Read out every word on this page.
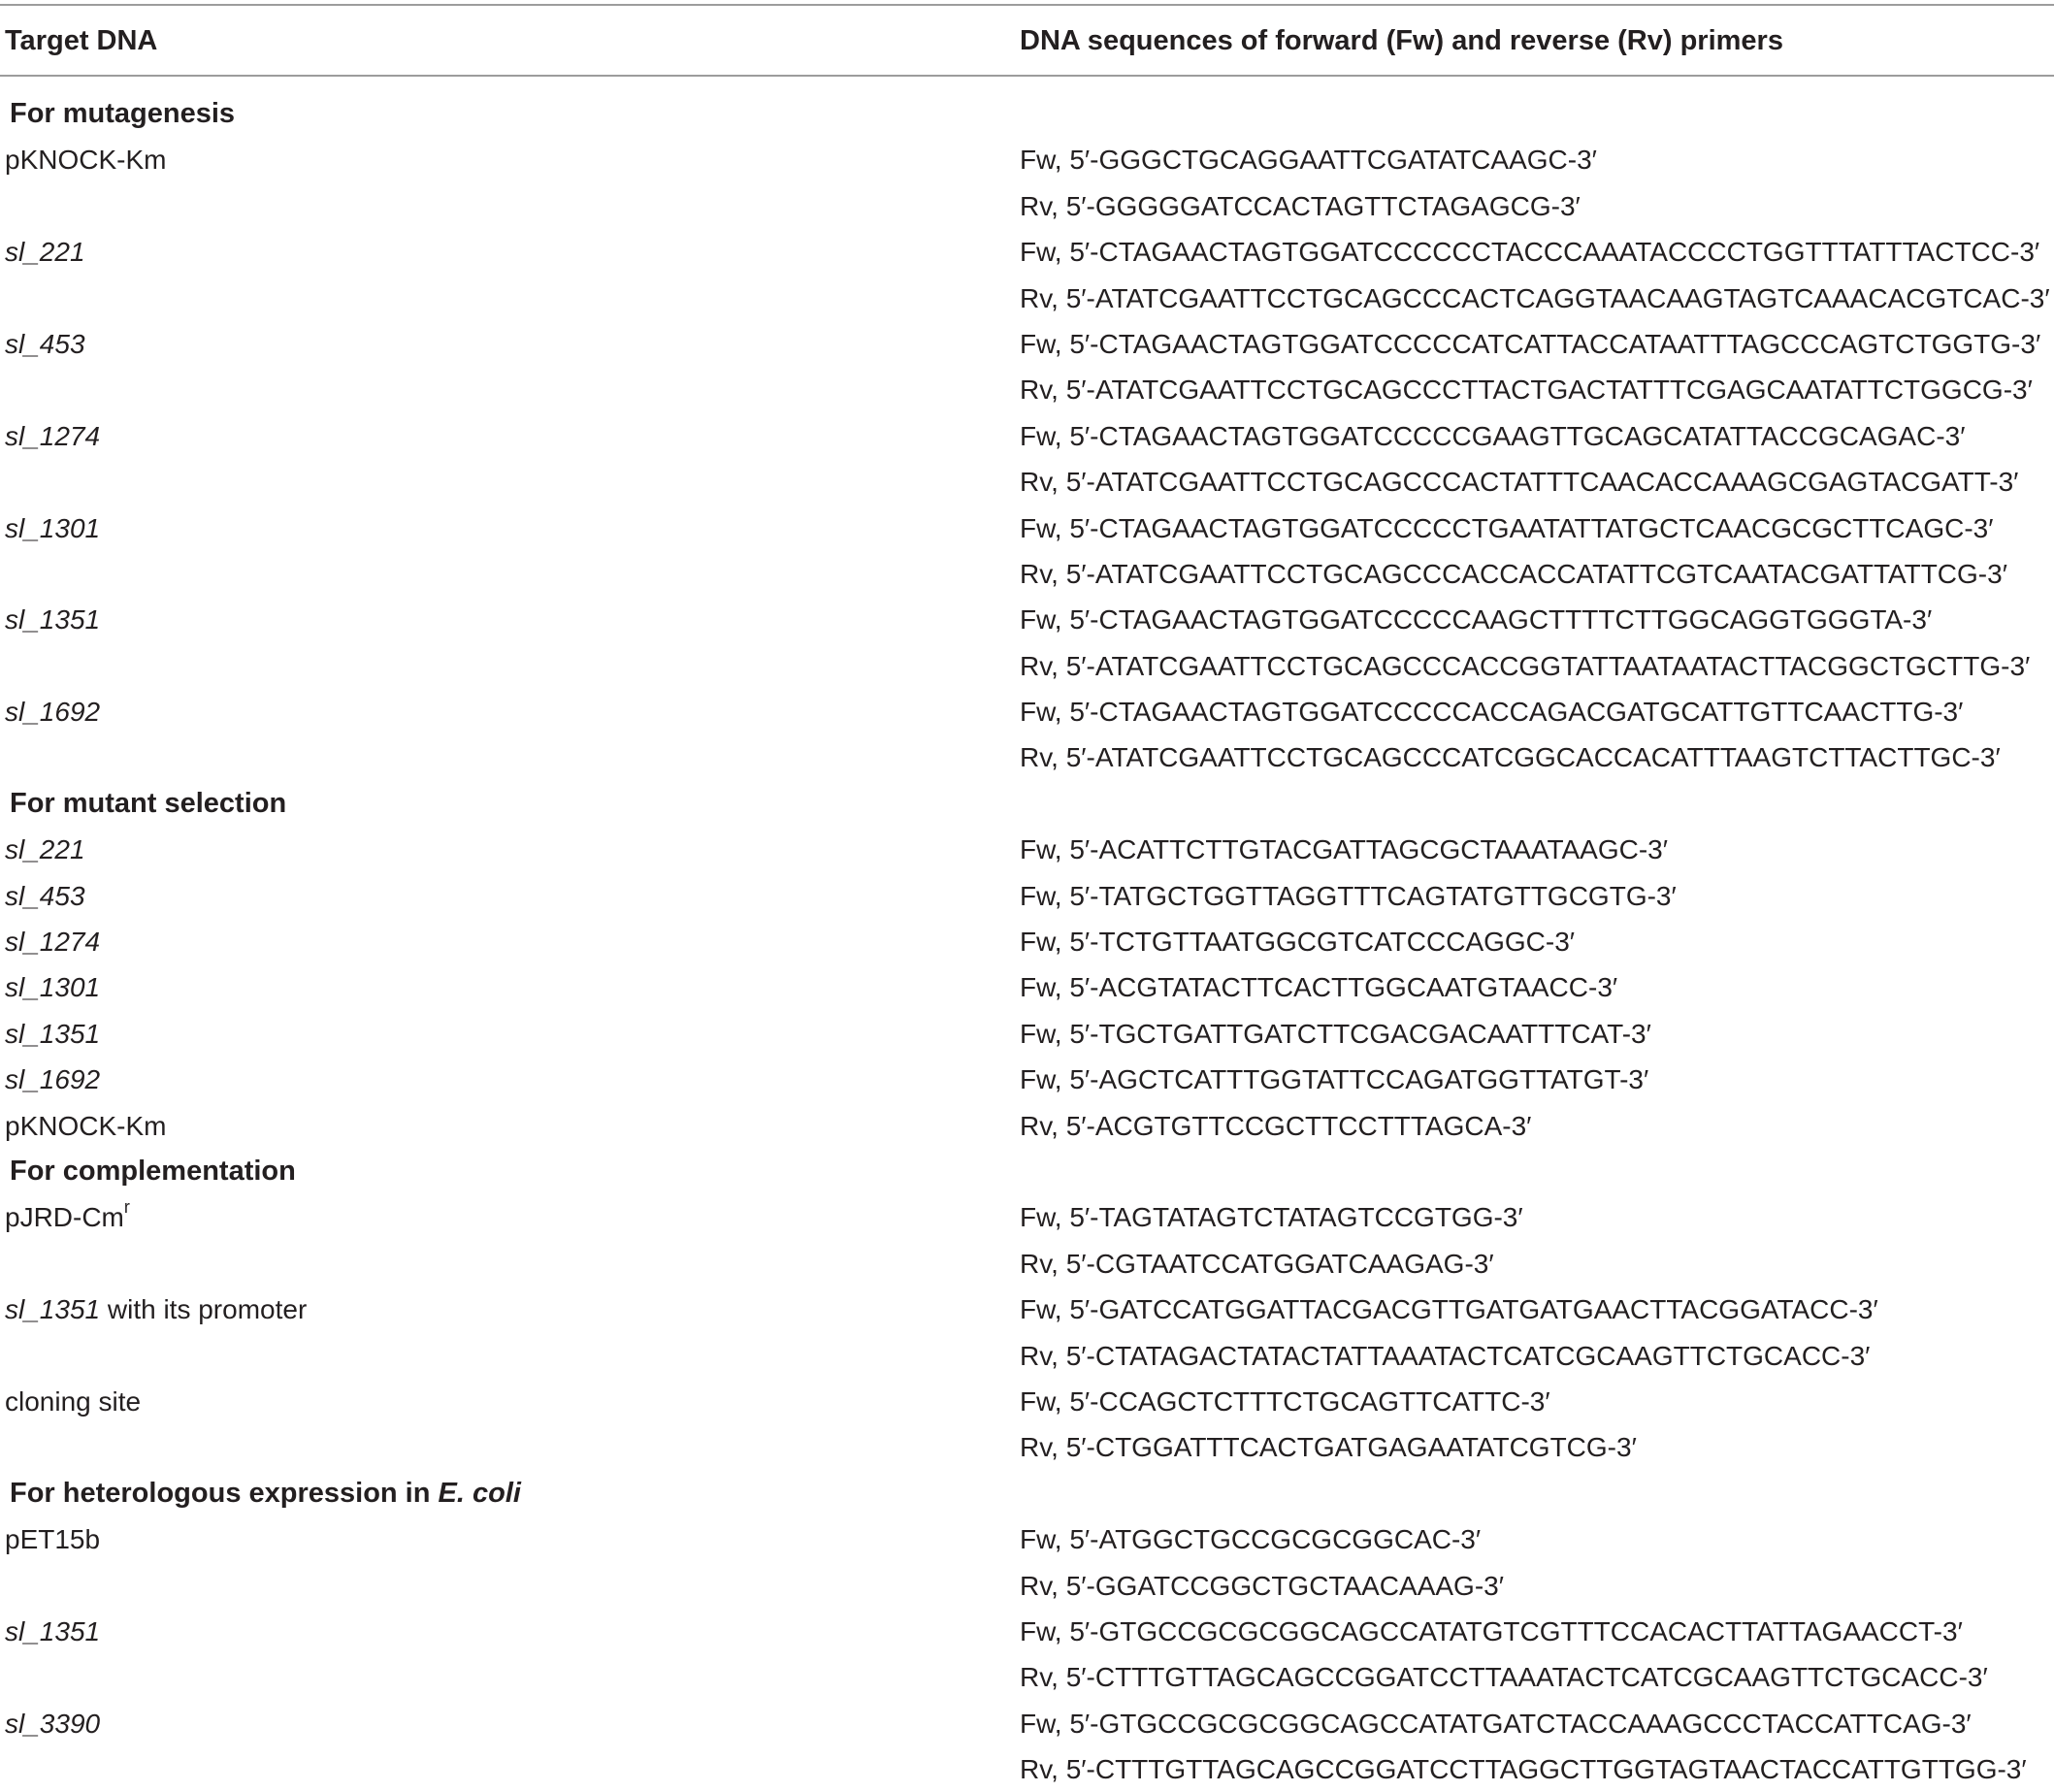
Target DNA	DNA sequences of forward (Fw) and reverse (Rv) primers
For mutagenesis
pKNOCK-Km	Fw, 5′-GGGCTGCAGGAATTCGATATCAAGC-3′
Rv, 5′-GGGGGATCCACTAGTTCTAGAGCG-3′
sl_221	Fw, 5′-CTAGAACTAGTGGATCCCCCCTACCCAAATACCCCTGGTTTATTTACTCC-3′
Rv, 5′-ATATCGAATTCCTGCAGCCCACTCAGGTAACAAGTAGTCAAACACGTCAC-3′
sl_453	Fw, 5′-CTAGAACTAGTGGATCCCCCATCATTACCATAATTTAGCCCAGTCTGGTG-3′
Rv, 5′-ATATCGAATTCCTGCAGCCCTTACTGACTATTTCGAGCAATATTCTGGCG-3′
sl_1274	Fw, 5′-CTAGAACTAGTGGATCCCCCGAAGTTGCAGCATATTACCGCAGAC-3′
Rv, 5′-ATATCGAATTCCTGCAGCCCACTATTTCAACACCAAAGCGAGTACGATT-3′
sl_1301	Fw, 5′-CTAGAACTAGTGGATCCCCCTGAATATTATGCTCAACGCGCTTCAGC-3′
Rv, 5′-ATATCGAATTCCTGCAGCCCACCACCATATTCGTCAATACGATTATTCG-3′
sl_1351	Fw, 5′-CTAGAACTAGTGGATCCCCCAAGCTTTTCTTGGCAGGTGGGTA-3′
Rv, 5′-ATATCGAATTCCTGCAGCCCACCGGTATTAATAATACTTACGGCTGCTTG-3′
sl_1692	Fw, 5′-CTAGAACTAGTGGATCCCCCACCAGACGATGCATTGTTCAACTTG-3′
Rv, 5′-ATATCGAATTCCTGCAGCCCATCGGCACCACATTTAAGTCTTACTTGC-3′
For mutant selection
sl_221	Fw, 5′-ACATTCTTGTACGATTAGCGCTAAATAAGC-3′
sl_453	Fw, 5′-TATGCTGGTTAGGTTTCAGTATGTTGCGTG-3′
sl_1274	Fw, 5′-TCTGTTAATGGCGTCATCCCAGGC-3′
sl_1301	Fw, 5′-ACGTATACTTCACTTGGCAATGTAACC-3′
sl_1351	Fw, 5′-TGCTGATTGATCTTCGACGACAATTTCAT-3′
sl_1692	Fw, 5′-AGCTCATTTGGTATTCCAGATGGTTATGT-3′
pKNOCK-Km	Rv, 5′-ACGTGTTCCGCTTCCTTTAGCA-3′
For complementation
pJRD-Cm$^r$	Fw, 5′-TAGTATAGTCTATAGTCCGTGG-3′
Rv, 5′-CGTAATCCATGGATCAAGAG-3′
sl_1351 with its promoter	Fw, 5′-GATCCATGGATTACGACGTTGATGATGAACTTACGGATACC-3′
Rv, 5′-CTATAGACTATACTATTAAATACTCATCGCAAGTTCTGCACC-3′
cloning site	Fw, 5′-CCAGCTCTTTCTGCAGTTCATTC-3′
Rv, 5′-CTGGATTTCACTGATGAGAATATCGTCG-3′
For heterologous expression in E. coli
pET15b	Fw, 5′-ATGGCTGCCGCGCGGCAC-3′
Rv, 5′-GGATCCGGCTGCTAACAAAG-3′
sl_1351	Fw, 5′-GTGCCGCGCGGCAGCCATATGTCGTTTCCACACTTATTAGAACCT-3′
Rv, 5′-CTTTGTTAGCAGCCGGATCCTTAAATACTCATCGCAAGTTCTGCACC-3′
sl_3390	Fw, 5′-GTGCCGCGCGGCAGCCATATGATCTACCAAAGCCCTACCATTCAG-3′
Rv, 5′-CTTTGTTAGCAGCCGGATCCTTAGGCTTGGTAGTAACTACCATTGTTGG-3′
